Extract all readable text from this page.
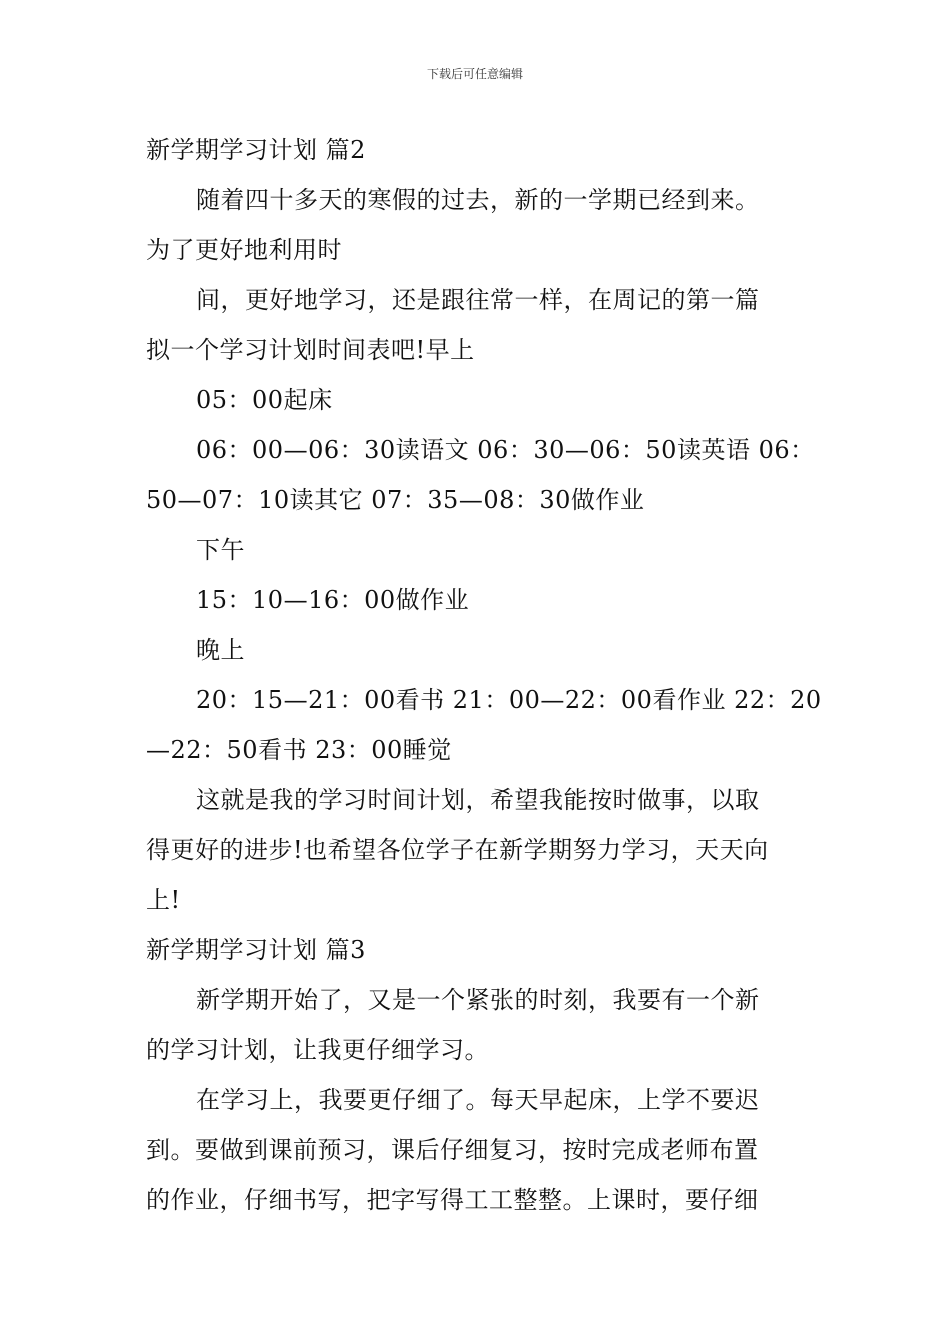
下载后可任意编辑
新学期学习计划 篇2
随着四十多天的寒假的过去，新的一学期已经到来。
为了更好地利用时
间，更好地学习，还是跟往常一样，在周记的第一篇
拟一个学习计划时间表吧!早上
05：00起床
06：00—06：30读语文 06：30—06：50读英语 06：
50—07：10读其它 07：35—08：30做作业
下午
15：10—16：00做作业
晚上
20：15—21：00看书 21：00—22：00看作业 22：20
—22：50看书 23：00睡觉
这就是我的学习时间计划，希望我能按时做事，以取
得更好的进步!也希望各位学子在新学期努力学习，天天向
上!
新学期学习计划 篇3
新学期开始了，又是一个紧张的时刻，我要有一个新
的学习计划，让我更仔细学习。
在学习上，我要更仔细了。每天早起床，上学不要迟
到。要做到课前预习，课后仔细复习，按时完成老师布置
的作业，仔细书写，把字写得工工整整。上课时，要仔细
